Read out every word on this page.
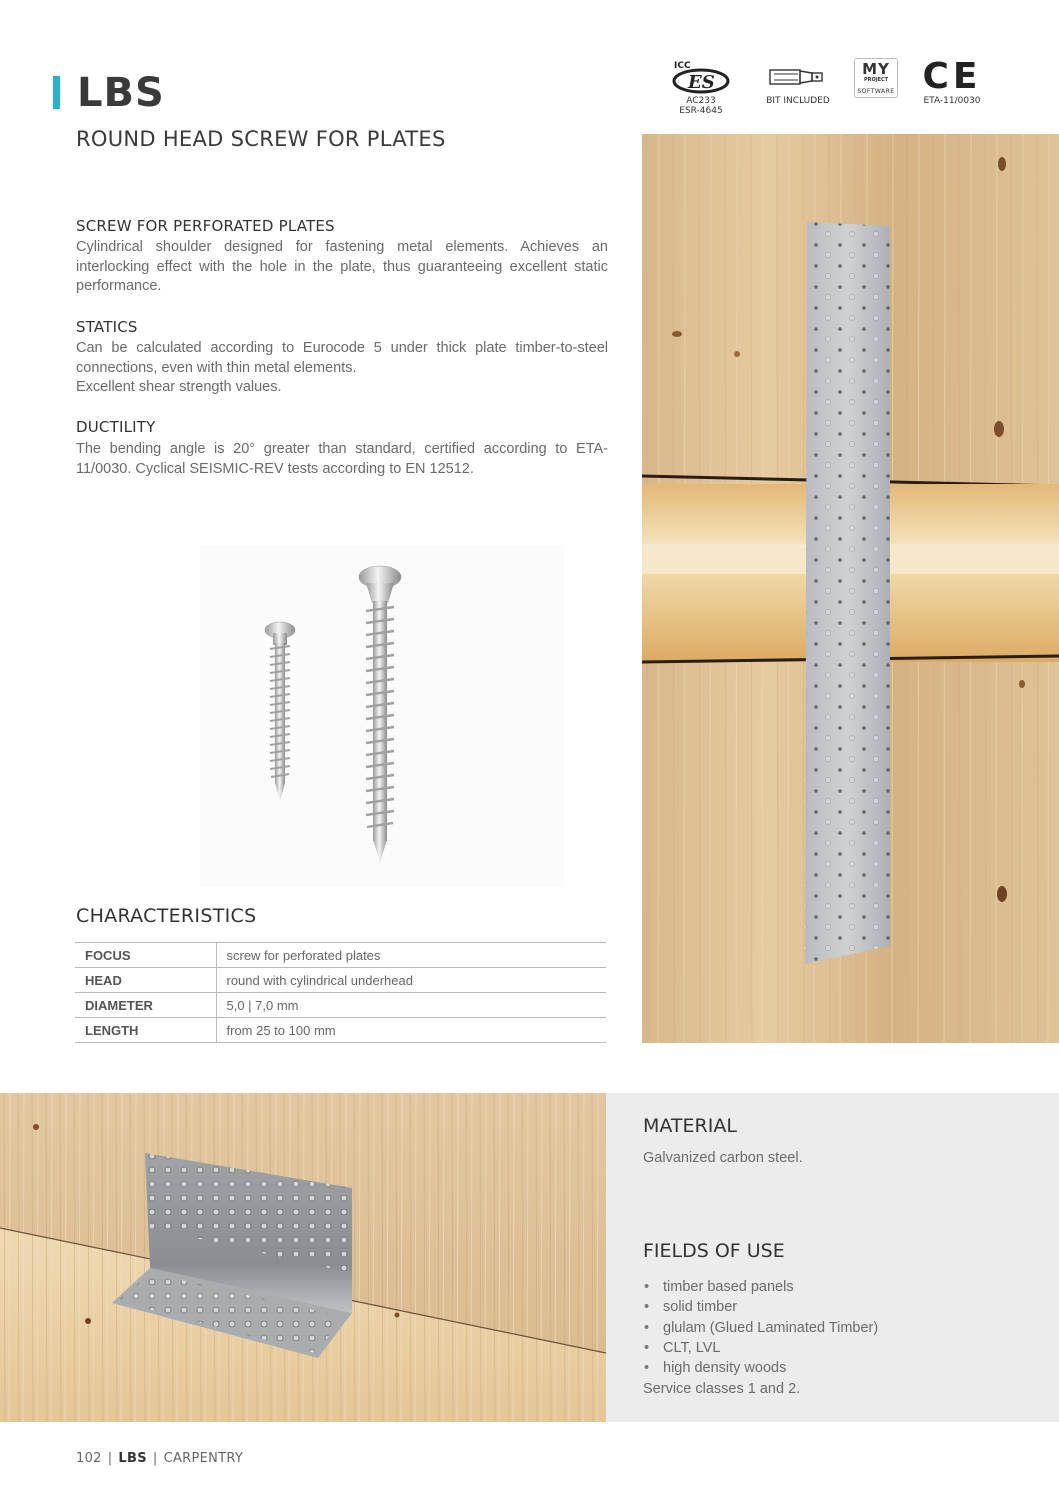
LBS
ROUND HEAD SCREW FOR PLATES
ICC
ES
AC233
ESR-4645
BIT INCLUDED
MY
PROJECT
SOFTWARE CE
ETA-11/0030
SCREW FOR PERFORATED PLATES
Cylindrical shoulder designed for fastening metal elements. Achieves an interlocking effect with the hole in the plate, thus guaranteeing excellent static performance.
STATICS
Can be calculated according to Eurocode 5 under thick plate timber-to-steel connections, even with thin metal elements.
Excellent shear strength values.
DUCTILITY
The bending angle is 20° greater than standard, certified according to ETA-11/0030. Cyclical SEISMIC-REV tests according to EN 12512.
CHARACTERISTICS
FOCUS	screw for perforated plates
HEAD	round with cylindrical underhead
DIAMETER	5,0 | 7,0 mm
LENGTH	from 25 to 100 mm
MATERIAL
Galvanized carbon steel.
FIELDS OF USE
• timber based panels
• solid timber
• glulam (Glued Laminated Timber)
• CLT, LVL
• high density woods
Service classes 1 and 2.
102 | LBS | CARPENTRY
